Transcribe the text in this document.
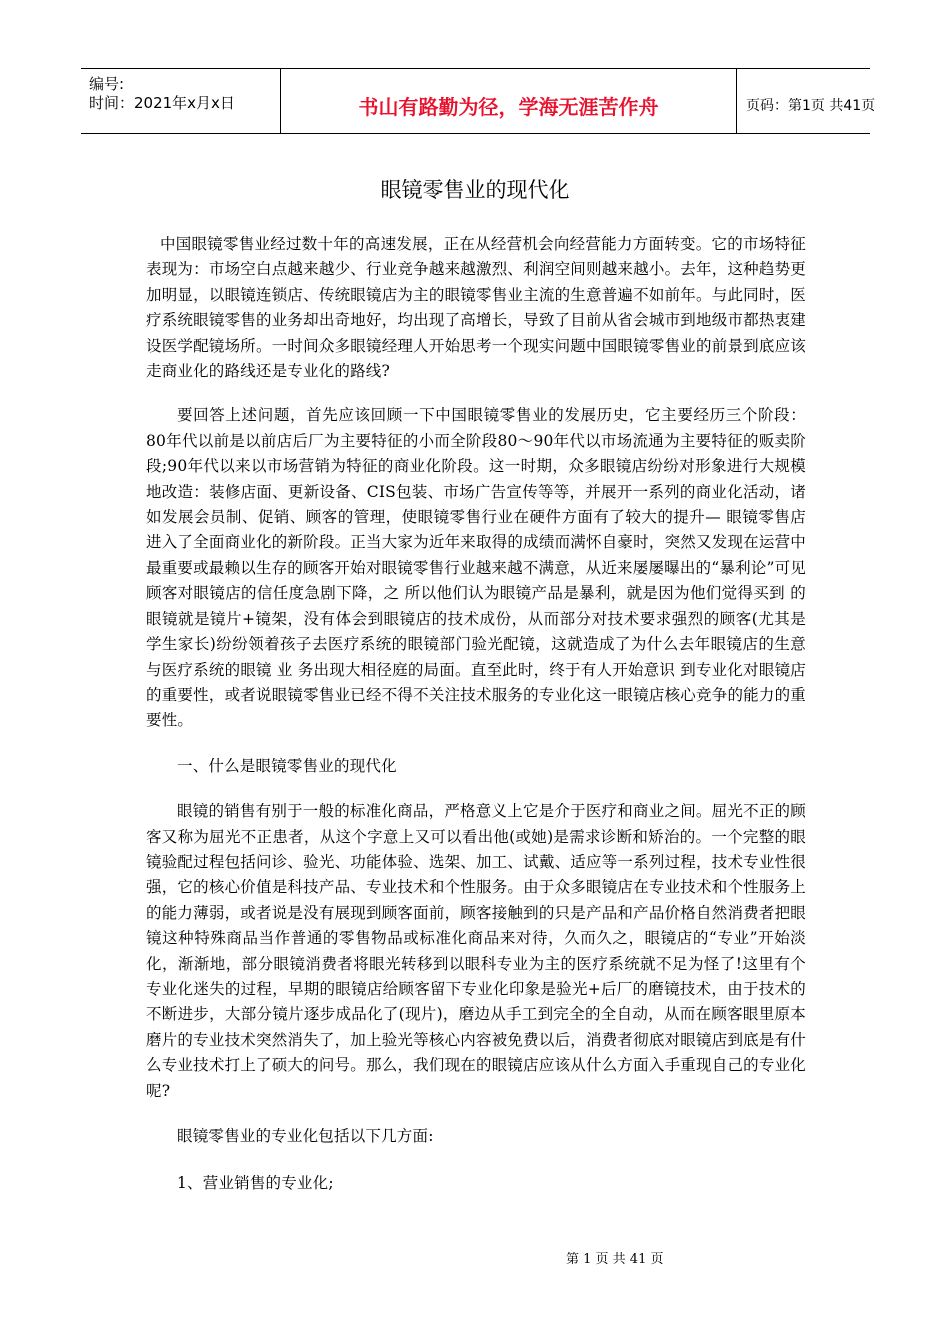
编号:
时间：2021年x月x日	书山有路勤为径，学海无涯苦作舟	页码：第1页 共41页
眼镜零售业的现代化

中国眼镜零售业经过数十年的高速发展，正在从经营机会向经营能力方面转变。它的市场特征表现为：市场空白点越来越少、行业竞争越来越激烈、利润空间则越来越小。去年，这种趋势更加明显，以眼镜连锁店、传统眼镜店为主的眼镜零售业主流的生意普遍不如前年。与此同时，医疗系统眼镜零售的业务却出奇地好，均出现了高增长，导致了目前从省会城市到地级市都热衷建设医学配镜场所。一时间众多眼镜经理人开始思考一个现实问题中国眼镜零售业的前景到底应该走商业化的路线还是专业化的路线?

要回答上述问题，首先应该回顾一下中国眼镜零售业的发展历史，它主要经历三个阶段：80年代以前是以前店后厂为主要特征的小而全阶段80～90年代以市场流通为主要特征的贩卖阶段;90年代以来以市场营销为特征的商业化阶段。这一时期，众多眼镜店纷纷对形象进行大规模地改造：装修店面、更新设备、CIS包装、市场广告宣传等等，并展开一系列的商业化活动，诸如发展会员制、促销、顾客的管理，使眼镜零售行业在硬件方面有了较大的提升— 眼镜零售店进入了全面商业化的新阶段。正当大家为近年来取得的成绩而满怀自豪时，突然又发现在运营中最重要或最赖以生存的顾客开始对眼镜零售行业越来越不满意，从近来屡屡曝出的“暴利论”可见顾客对眼镜店的信任度急剧下降，之 所以他们认为眼镜产品是暴利，就是因为他们觉得买到 的眼镜就是镜片+镜架，没有体会到眼镜店的技术成份，从而部分对技术要求强烈的顾客(尤其是学生家长)纷纷领着孩子去医疗系统的眼镜部门验光配镜，这就造成了为什么去年眼镜店的生意与医疗系统的眼镜 业 务出现大相径庭的局面。直至此时，终于有人开始意识 到专业化对眼镜店的重要性，或者说眼镜零售业已经不得不关注技术服务的专业化这一眼镜店核心竞争的能力的重要性。

一、什么是眼镜零售业的现代化

眼镜的销售有别于一般的标准化商品，严格意义上它是介于医疗和商业之间。屈光不正的顾客又称为屈光不正患者，从这个字意上又可以看出他(或她)是需求诊断和矫治的。一个完整的眼镜验配过程包括问诊、验光、功能体验、选架、加工、试戴、适应等一系列过程，技术专业性很强，它的核心价值是科技产品、专业技术和个性服务。由于众多眼镜店在专业技术和个性服务上的能力薄弱，或者说是没有展现到顾客面前，顾客接触到的只是产品和产品价格自然消费者把眼镜这种特殊商品当作普通的零售物品或标准化商品来对待，久而久之，眼镜店的“专业”开始淡化，渐渐地，部分眼镜消费者将眼光转移到以眼科专业为主的医疗系统就不足为怪了!这里有个专业化迷失的过程，早期的眼镜店给顾客留下专业化印象是验光+后厂的磨镜技术，由于技术的不断进步，大部分镜片逐步成品化了(现片)，磨边从手工到完全的全自动，从而在顾客眼里原本磨片的专业技术突然消失了，加上验光等核心内容被免费以后，消费者彻底对眼镜店到底是有什么专业技术打上了硕大的问号。那么，我们现在的眼镜店应该从什么方面入手重现自己的专业化呢?

眼镜零售业的专业化包括以下几方面:

1、营业销售的专业化;

第 1 页 共 41 页
